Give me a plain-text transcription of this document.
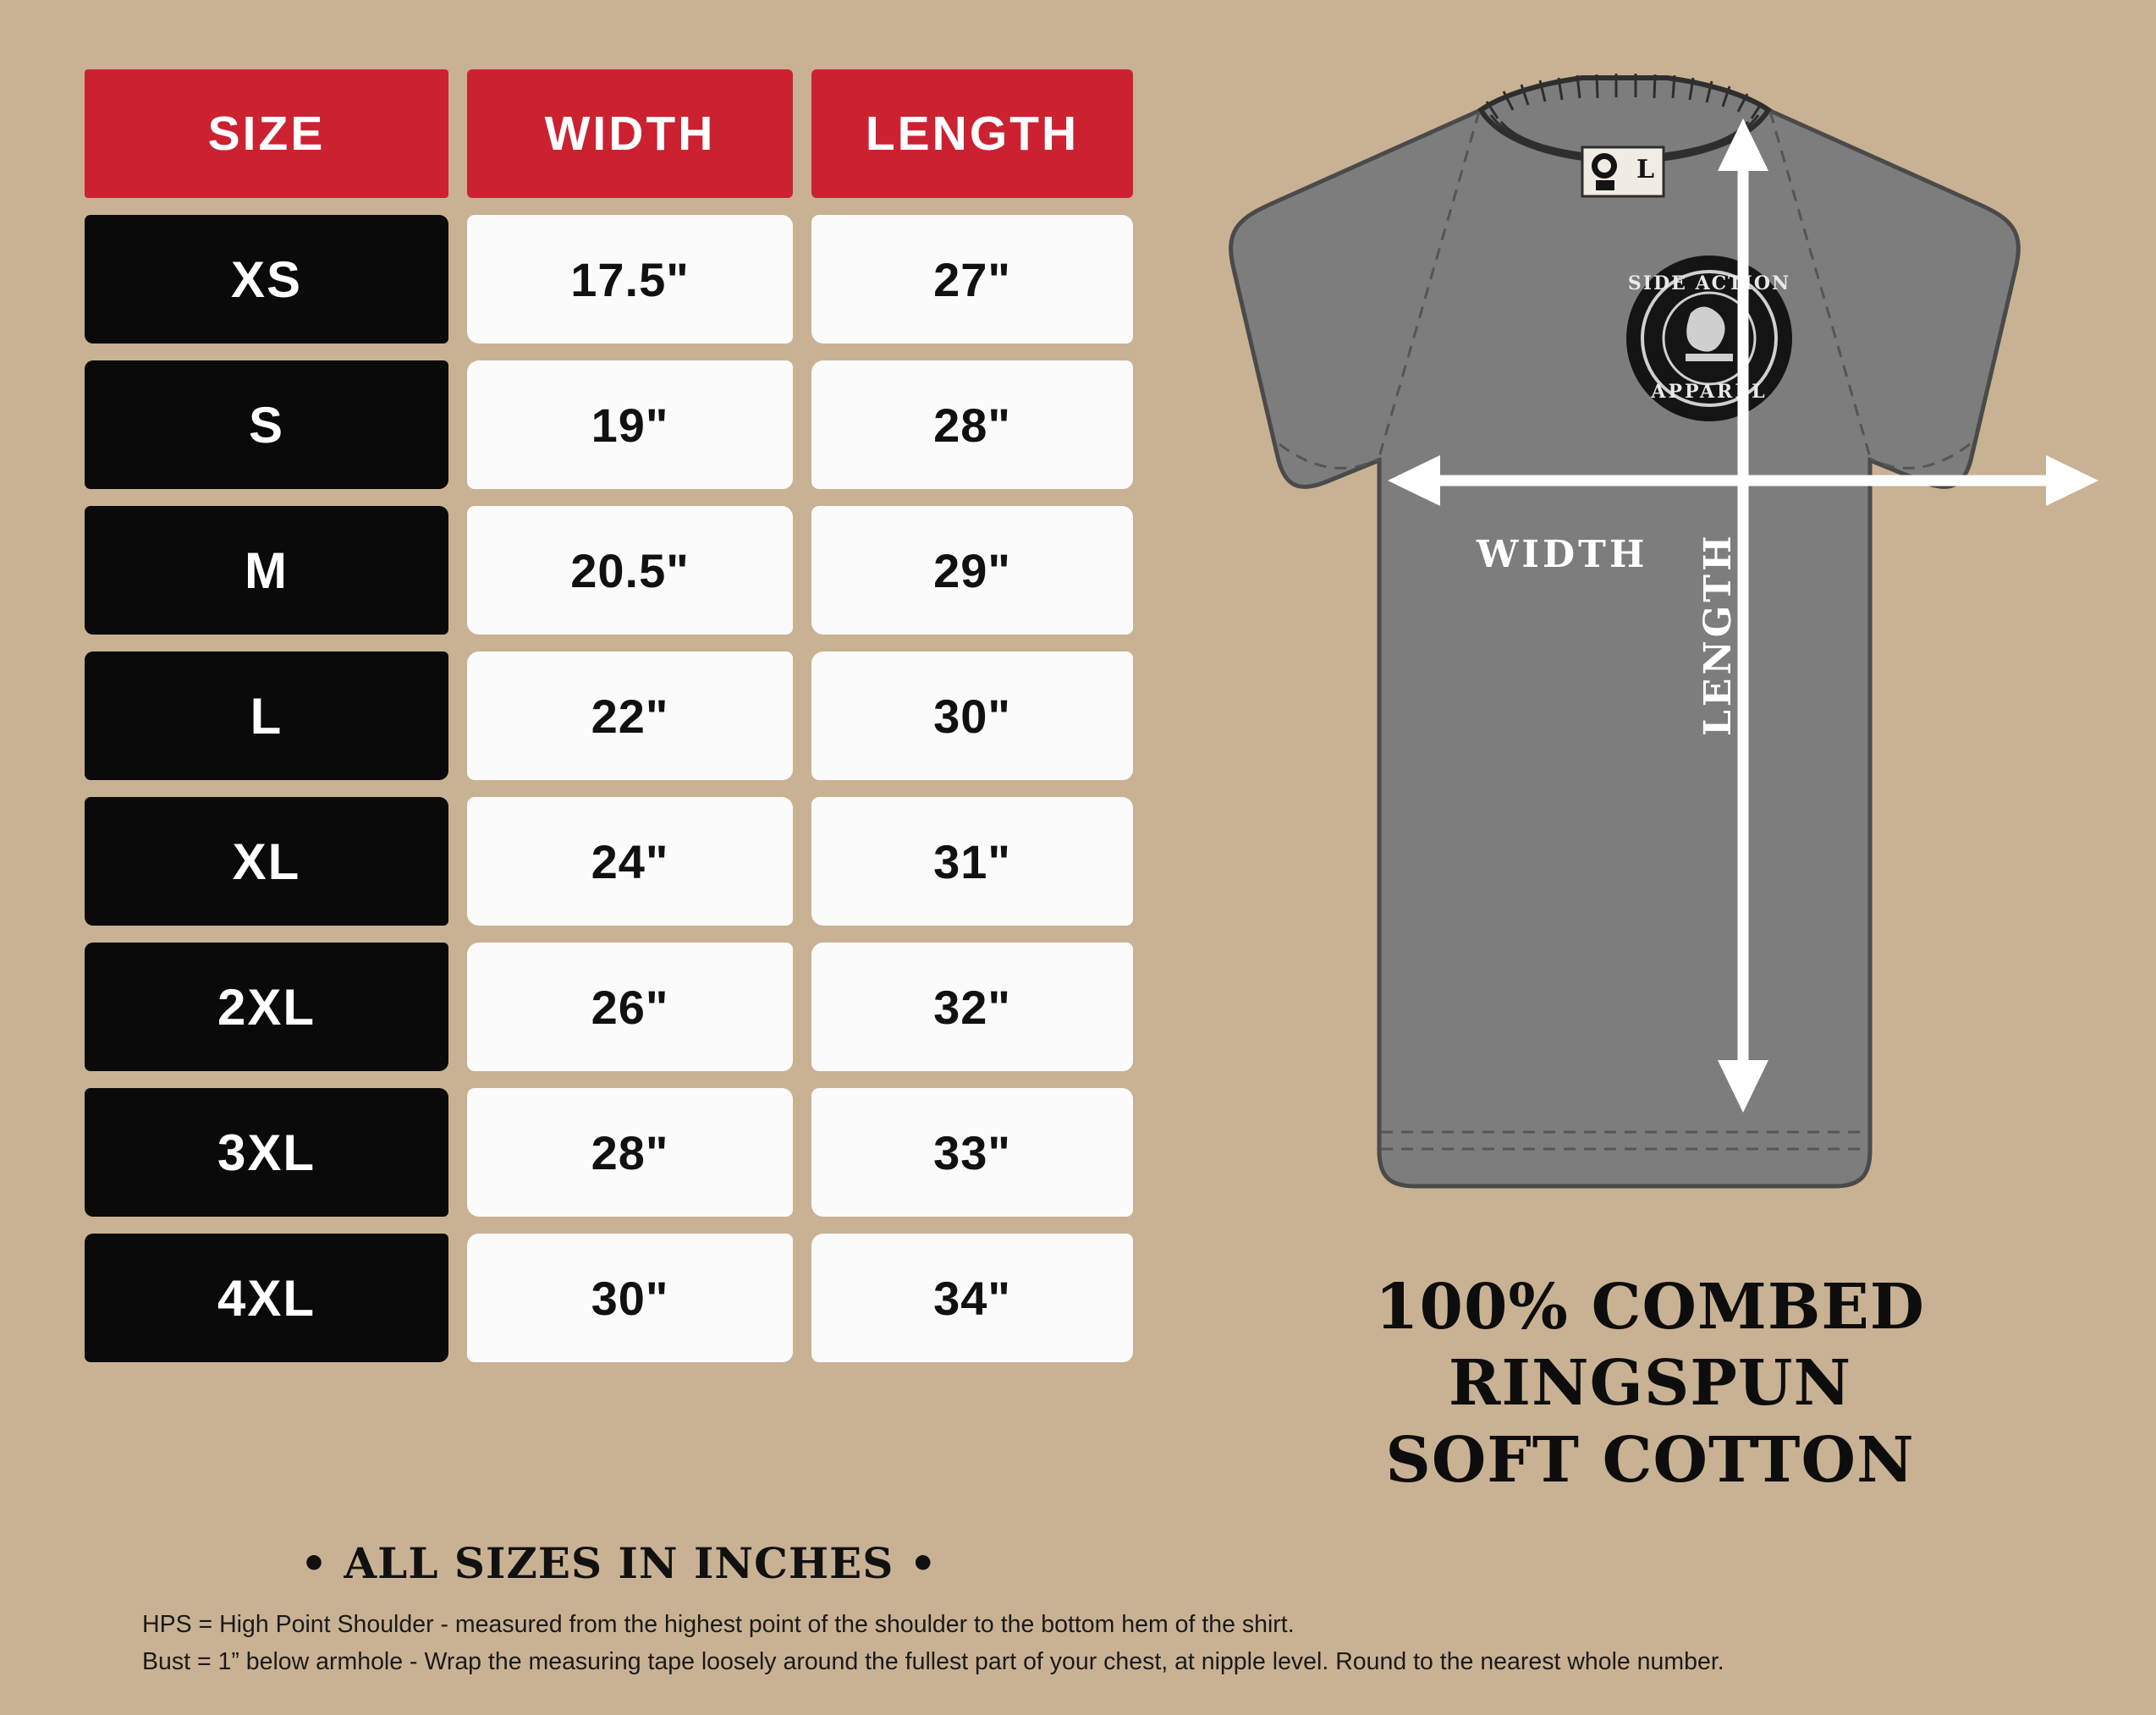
SIZE	WIDTH	LENGTH
XS	17.5"	27"
S	19"	28"
M	20.5"	29"
L	22"	30"
XL	24"	31"
2XL	26"	32"
3XL	28"	33"
4XL	30"	34"
• ALL SIZES IN INCHES •
HPS = High Point Shoulder - measured from the highest point of the shoulder to the bottom hem of the shirt.
Bust = 1” below armhole - Wrap the measuring tape loosely around the fullest part of your chest, at nipple level. Round to the nearest whole number.
L
SIDE ACTION
APPAREL
WIDTH LENGTH
100% COMBED RINGSPUN
SOFT COTTON
